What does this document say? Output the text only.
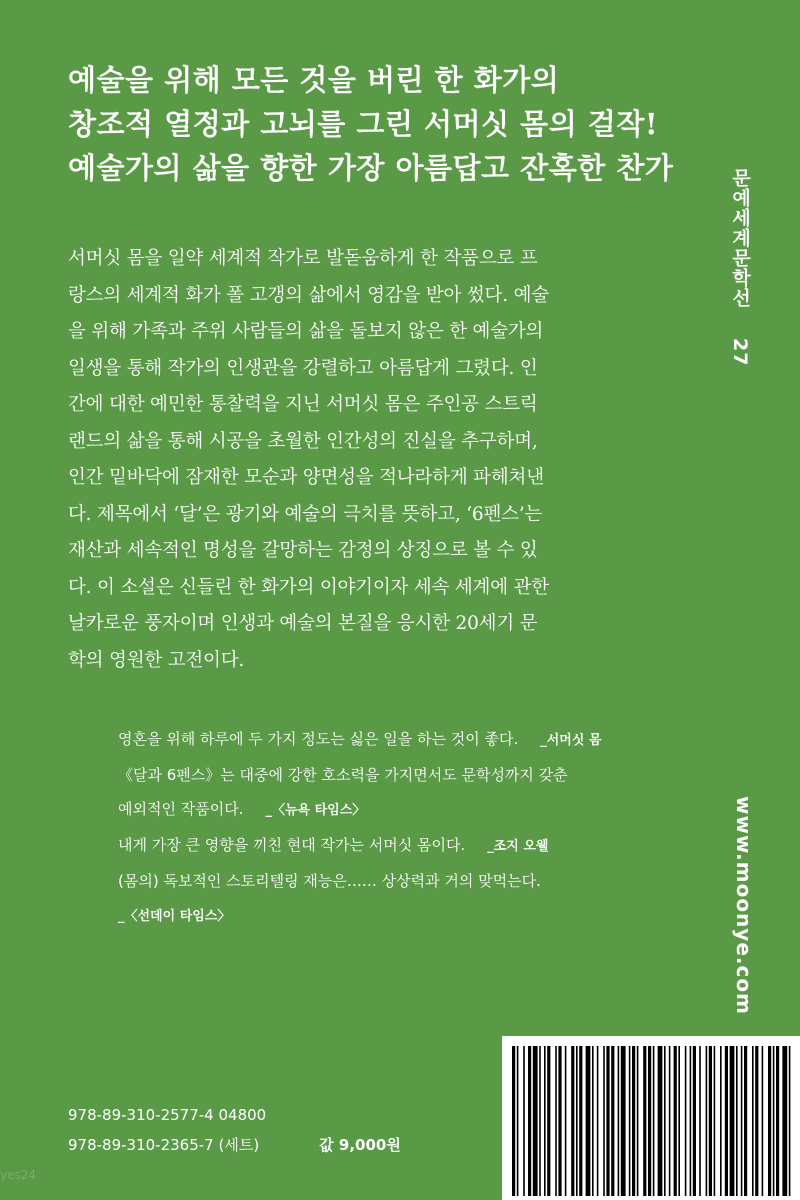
예술을 위해 모든 것을 버린 한 화가의
창조적 열정과 고뇌를 그린 서머싯 몸의 걸작!
예술가의 삶을 향한 가장 아름답고 잔혹한 찬가	문예세계문학선 27
서머싯 몸을 일약 세계적 작가로 발돋움하게 한 작품으로 프
랑스의 세계적 화가 폴 고갱의 삶에서 영감을 받아 썼다. 예술
을 위해 가족과 주위 사람들의 삶을 돌보지 않은 한 예술가의
일생을 통해 작가의 인생관을 강렬하고 아름답게 그렸다. 인
간에 대한 예민한 통찰력을 지닌 서머싯 몸은 주인공 스트릭
랜드의 삶을 통해 시공을 초월한 인간성의 진실을 추구하며,
인간 밑바닥에 잠재한 모순과 양면성을 적나라하게 파헤쳐낸
다. 제목에서 ‘달’은 광기와 예술의 극치를 뜻하고, ‘6펜스’는
재산과 세속적인 명성을 갈망하는 감정의 상징으로 볼 수 있
다. 이 소설은 신들린 한 화가의 이야기이자 세속 세계에 관한
날카로운 풍자이며 인생과 예술의 본질을 응시한 20세기 문
학의 영원한 고전이다.
영혼을 위해 하루에 두 가지 정도는 싫은 일을 하는 것이 좋다. _서머싯 몸
《달과 6펜스》는 대중에 강한 호소력을 가지면서도 문학성까지 갖춘
예외적인 작품이다. _〈뉴욕 타임스〉
내게 가장 큰 영향을 끼친 현대 작가는 서머싯 몸이다. _조지 오웰
(몸의) 독보적인 스토리텔링 재능은…… 상상력과 거의 맞먹는다.
_〈선데이 타임스〉	www.moonye.com
978-89-310-2577-4 04800
978-89-310-2365-7 (세트)	값 9,000원
yes24
